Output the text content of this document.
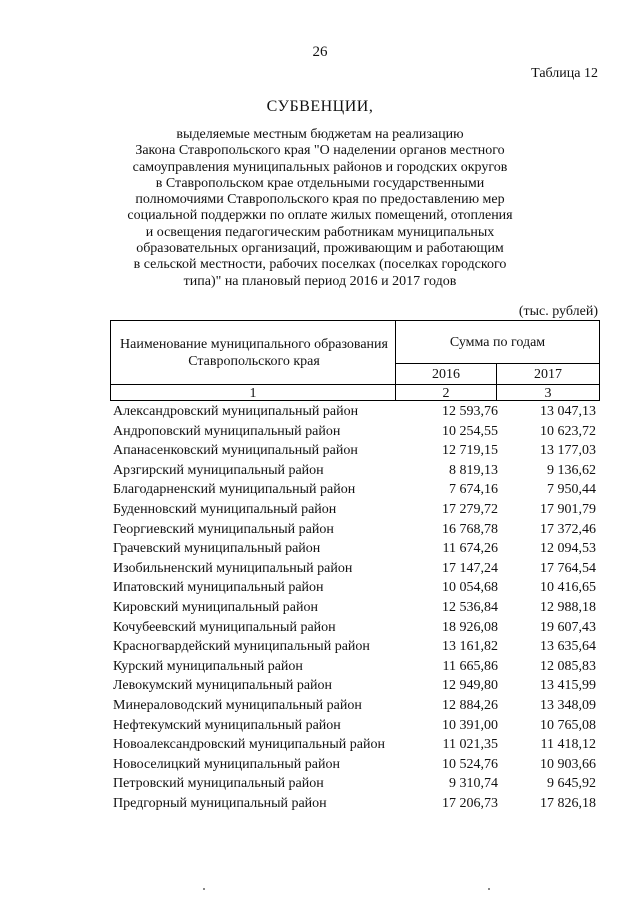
26
Таблица 12
СУБВЕНЦИИ,
выделяемые местным бюджетам на реализацию
Закона Ставропольского края "О наделении органов местного
самоуправления муниципальных районов и городских округов
в Ставропольском крае отдельными государственными
полномочиями Ставропольского края по предоставлению мер
социальной поддержки по оплате жилых помещений, отопления
и освещения педагогическим работникам муниципальных
образовательных организаций, проживающим и работающим
в сельской местности, рабочих поселках (поселках городского
типа)" на плановый период 2016 и 2017 годов
(тыс. рублей)
Наименование муниципального образования Ставропольского края
Сумма по годам
2016	2017
1	2	3
Александровский муниципальный район	12 593,76	13 047,13
Андроповский муниципальный район	10 254,55	10 623,72
Апанасенковский муниципальный район	12 719,15	13 177,03
Арзгирский муниципальный район	8 819,13	9 136,62
Благодарненский муниципальный район	7 674,16	7 950,44
Буденновский муниципальный район	17 279,72	17 901,79
Георгиевский муниципальный район	16 768,78	17 372,46
Грачевский муниципальный район	11 674,26	12 094,53
Изобильненский муниципальный район	17 147,24	17 764,54
Ипатовский муниципальный район	10 054,68	10 416,65
Кировский муниципальный район	12 536,84	12 988,18
Кочубеевский муниципальный район	18 926,08	19 607,43
Красногвардейский муниципальный район	13 161,82	13 635,64
Курский муниципальный район	11 665,86	12 085,83
Левокумский муниципальный район	12 949,80	13 415,99
Минераловодский муниципальный район	12 884,26	13 348,09
Нефтекумский муниципальный район	10 391,00	10 765,08
Новоалександровский муниципальный район	11 021,35	11 418,12
Новоселицкий муниципальный район	10 524,76	10 903,66
Петровский муниципальный район	9 310,74	9 645,92
Предгорный муниципальный район	17 206,73	17 826,18
